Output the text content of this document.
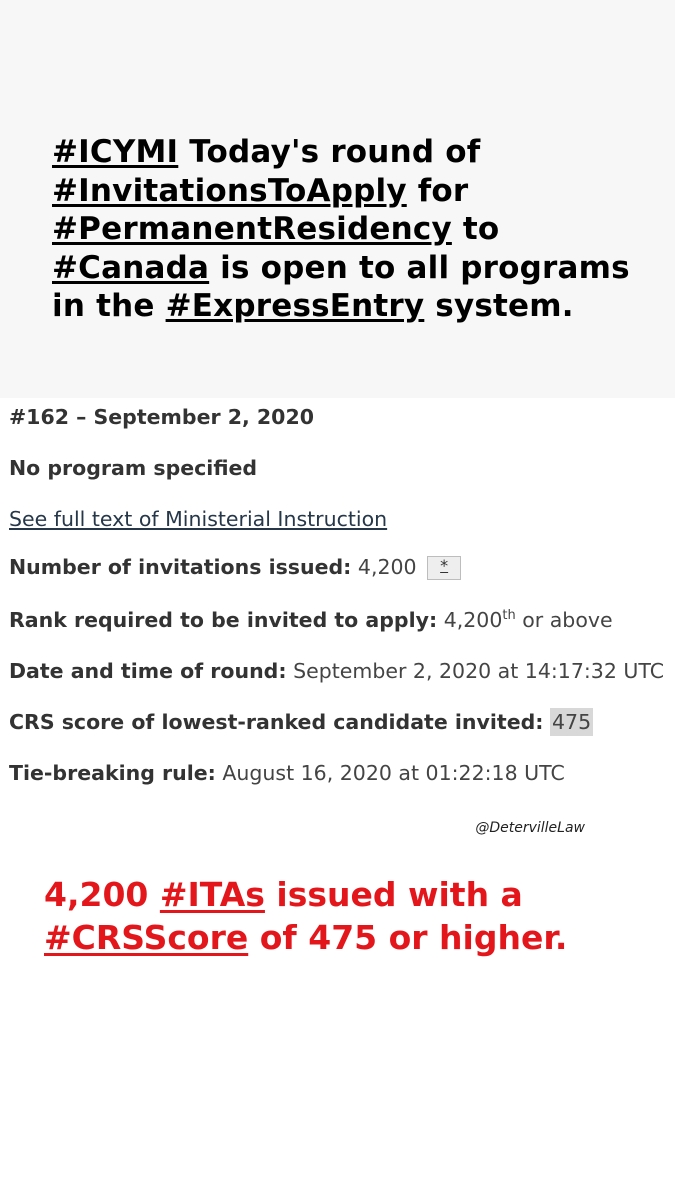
#ICYMI Today's round of
#InvitationsToApply for
#PermanentResidency to
#Canada is open to all programs
in the #ExpressEntry system.
#162 – September 2, 2020
No program specified
See full text of Ministerial Instruction
Number of invitations issued: 4,200 *
Rank required to be invited to apply: 4,200th or above
Date and time of round: September 2, 2020 at 14:17:32 UTC
CRS score of lowest-ranked candidate invited: 475
Tie-breaking rule: August 16, 2020 at 01:22:18 UTC
@DetervilleLaw
4,200 #ITAs issued with a
#CRSScore of 475 or higher.
